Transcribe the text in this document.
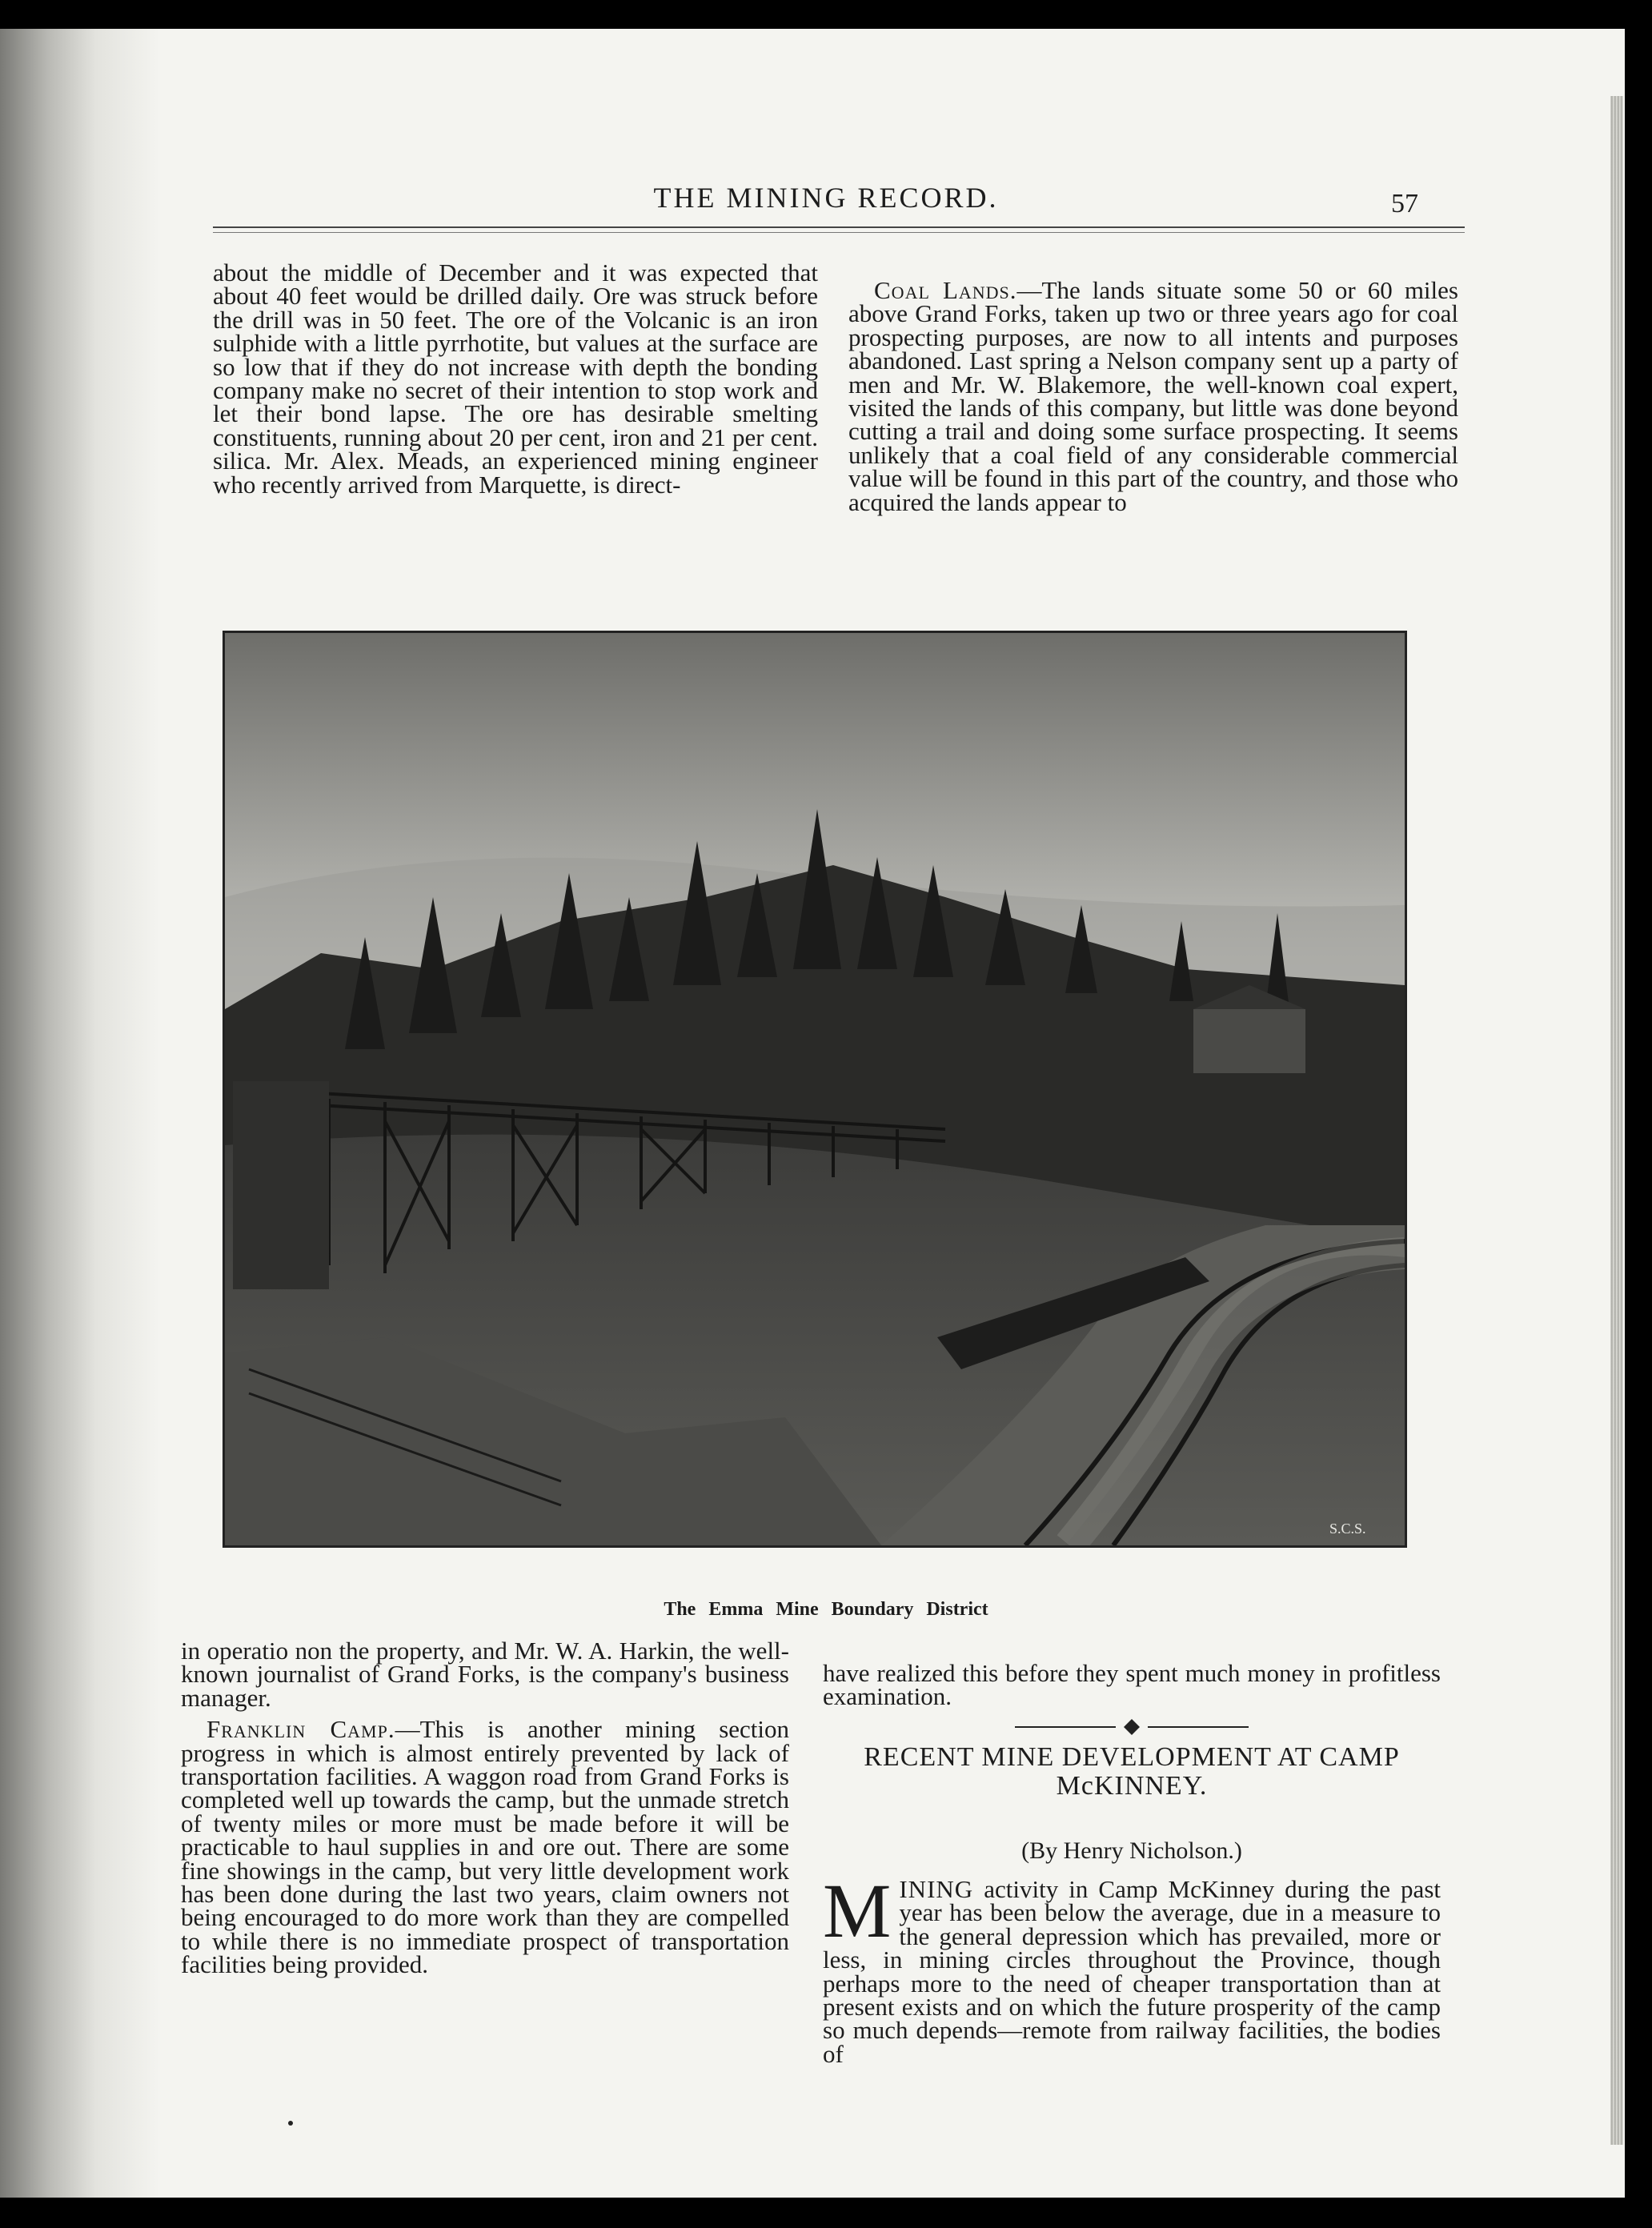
THE MINING RECORD.	57

about the middle of December and it was expected that about 40 feet would be drilled daily. Ore was struck before the drill was in 50 feet. The ore of the Volcanic is an iron sulphide with a little pyrrhotite, but values at the surface are so low that if they do not increase with depth the bonding company make no secret of their intention to stop work and let their bond lapse. The ore has desirable smelting constituents, running about 20 per cent, iron and 21 per cent. silica. Mr. Alex. Meads, an experienced mining engineer who recently arrived from Marquette, is direct-

Coal Lands.—The lands situate some 50 or 60 miles above Grand Forks, taken up two or three years ago for coal prospecting purposes, are now to all intents and purposes abandoned. Last spring a Nelson company sent up a party of men and Mr. W. Blakemore, the well-known coal expert, visited the lands of this company, but little was done beyond cutting a trail and doing some surface prospecting. It seems unlikely that a coal field of any considerable commercial value will be found in this part of the country, and those who acquired the lands appear to

S.C.S.
The Emma Mine Boundary District

in operatio non the property, and Mr. W. A. Harkin, the well-known journalist of Grand Forks, is the company's business manager.

Franklin Camp.—This is another mining section progress in which is almost entirely prevented by lack of transportation facilities. A waggon road from Grand Forks is completed well up towards the camp, but the unmade stretch of twenty miles or more must be made before it will be practicable to haul supplies in and ore out. There are some fine showings in the camp, but very little development work has been done during the last two years, claim owners not being encouraged to do more work than they are compelled to while there is no immediate prospect of transportation facilities being provided.

have realized this before they spent much money in profitless examination.

RECENT MINE DEVELOPMENT AT CAMP McKINNEY.
(By Henry Nicholson.)

MINING activity in Camp McKinney during the past year has been below the average, due in a measure to the general depression which has prevailed, more or less, in mining circles throughout the Province, though perhaps more to the need of cheaper transportation than at present exists and on which the future prosperity of the camp so much depends—remote from railway facilities, the bodies of
